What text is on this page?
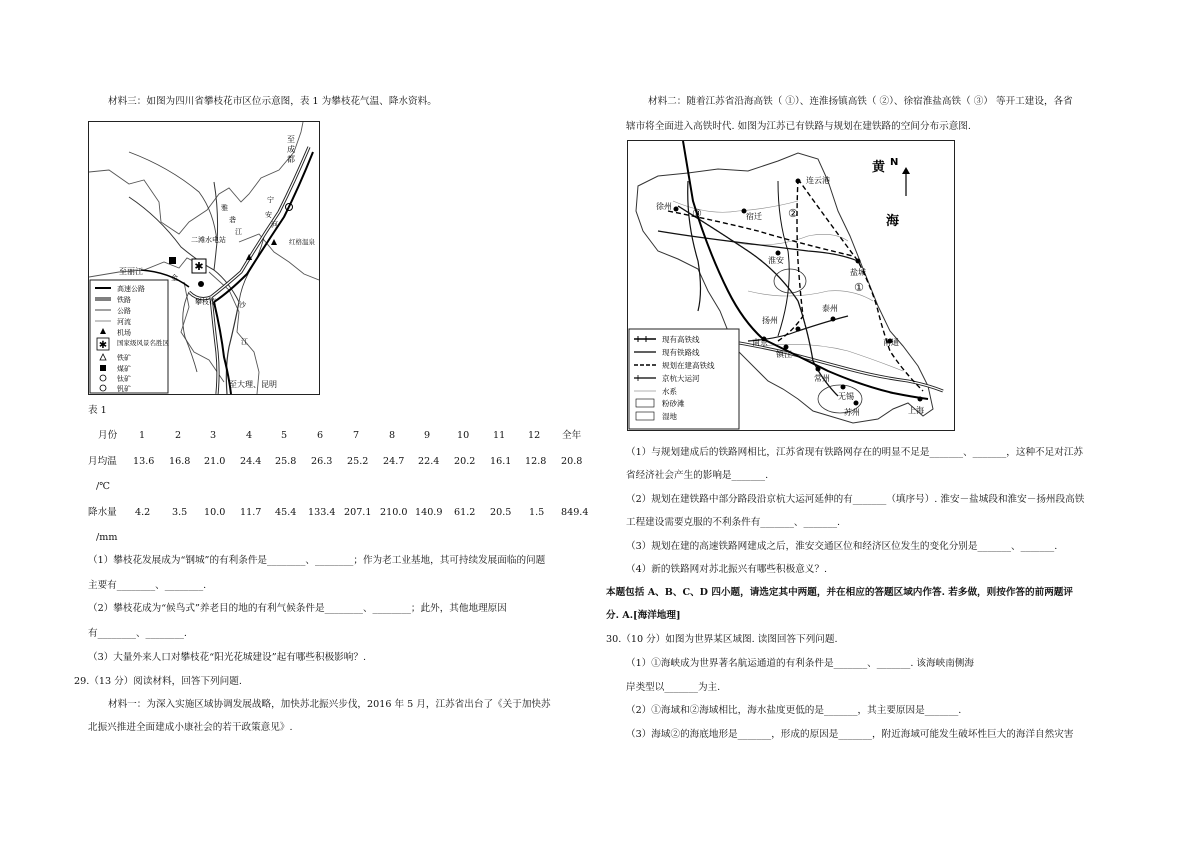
材料三：如图为四川省攀枝花市区位示意图，表 1 为攀枝花气温、降水资料。
✱
▲
至
成
都
至丽江
至大理、昆明
攀枝花
二滩水电站
金
沙
江
雅
砻
江
安
宁
河
红格温泉
✱
高速公路
铁路
公路
河流
机场
国家级风景名胜区
铁矿
煤矿
钛矿
钒矿
表 1
月份 1	2	3	4	5	6	7	8	9	10 11 12 全年
月均温 13.6 16.8 21.0 24.4 25.8 26.3 25.2 24.7 22.4 20.2 16.1 12.8 20.8
/℃
降水量 4.2 3.5 10.0 11.7 45.4 133.4 207.1 210.0 140.9 61.2 20.5 1.5 849.4
/mm
（1）攀枝花发展成为“钢城”的有利条件是________、________；作为老工业基地，其可持续发展面临的问题
主要有________、________.
（2）攀枝花成为“候鸟式”养老目的地的有利气候条件是________、________；此外，其他地理原因
有________、________.
（3）大量外来人口对攀枝花“阳光花城建设”起有哪些积极影响？.
29.（13 分）阅读材料，回答下列问题.
材料一：为深入实施区域协调发展战略，加快苏北振兴步伐，2016 年 5 月，江苏省出台了《关于加快苏
北振兴推进全面建成小康社会的若干政策意见》.
材料二：随着江苏省沿海高铁（ ①）、连淮扬镇高铁（ ②）、徐宿淮盐高铁（ ③） 等开工建设，各省
辖市将全面进入高铁时代. 如图为江苏已有铁路与规划在建铁路的空间分布示意图.
黄
海
N
连云港
徐州
宿迁
淮安
盐城
泰州
扬州
南京
镇江
常州
无锡
苏州	上海
南通
①
②
③
现有高铁线
现有铁路线
规划在建高铁线
京杭大运河
水系
粉砂滩
湿地
（1）与规划建成后的铁路网相比，江苏省现有铁路网存在的明显不足是_______、_______，这种不足对江苏
省经济社会产生的影响是_______.
（2）规划在建铁路中部分路段沿京杭大运河延伸的有_______（填序号）. 淮安－盐城段和淮安－扬州段高铁
工程建设需要克服的不利条件有_______、_______.
（3）规划在建的高速铁路网建成之后，淮安交通区位和经济区位发生的变化分别是_______、_______.
（4）新的铁路网对苏北振兴有哪些积极意义？.
本题包括 A、B、C、D 四小题，请选定其中两题，并在相应的答题区域内作答. 若多做，则按作答的前两题评
分. A.[海洋地理]
30.（10 分）如图为世界某区域图. 读图回答下列问题.
（1）①海峡成为世界著名航运通道的有利条件是_______、_______. 该海峡南侧海
岸类型以_______为主.
（2）①海域和②海域相比，海水盐度更低的是_______，其主要原因是_______.
（3）海域②的海底地形是_______，形成的原因是_______，附近海域可能发生破坏性巨大的海洋自然灾害
